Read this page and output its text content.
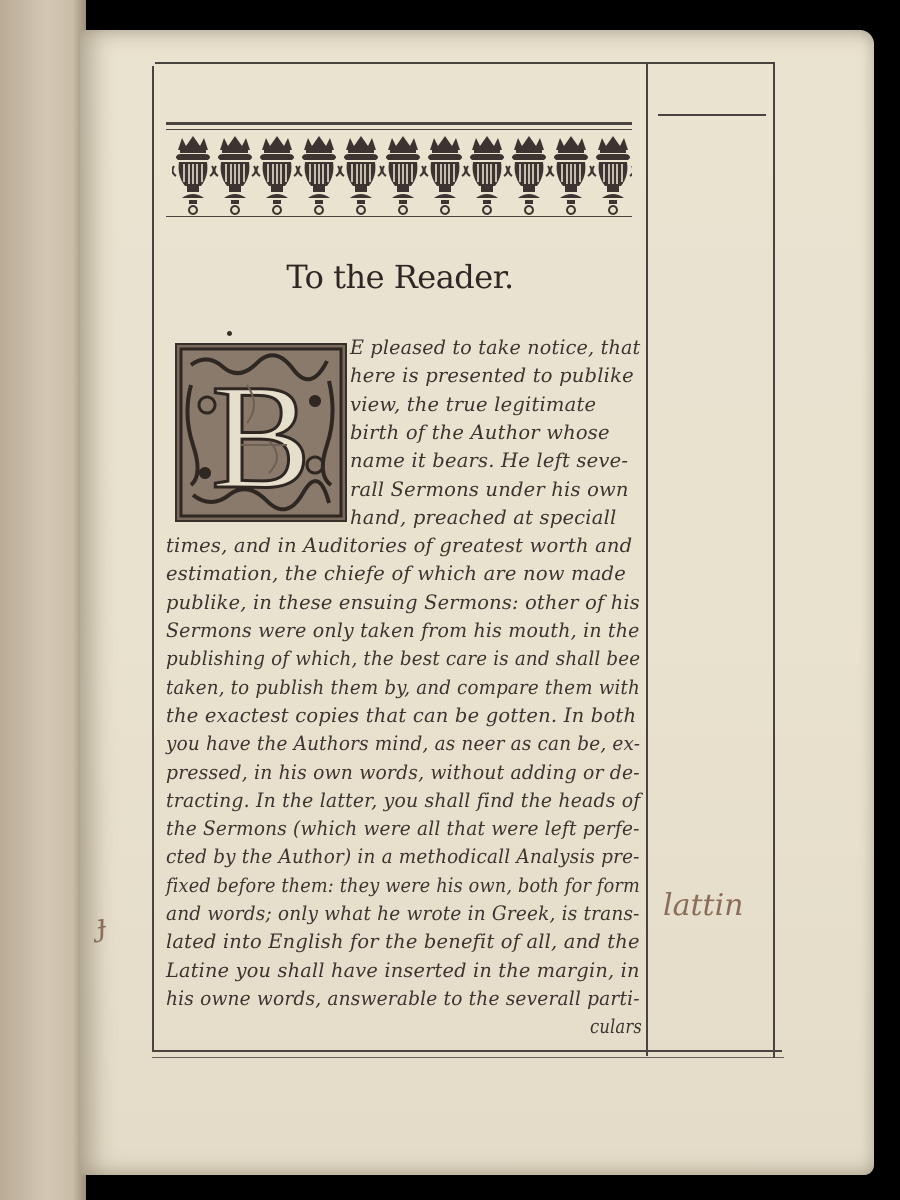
To the Reader.
B
E pleased to take notice, that
here is presented to publike
view, the true legitimate
birth of the Author whose
name it bears. He left seve-
rall Sermons under his own
hand, preached at speciall
times, and in Auditories of greatest worth and
estimation, the chiefe of which are now made
publike, in these ensuing Sermons: other of his
Sermons were only taken from his mouth, in the
publishing of which, the best care is and shall bee
taken, to publish them by, and compare them with
the exactest copies that can be gotten. In both
you have the Authors mind, as neer as can be, ex-
pressed, in his own words, without adding or de-
tracting. In the latter, you shall find the heads of
the Sermons (which were all that were left perfe-
cted by the Author) in a methodicall Analysis pre-
fixed before them: they were his own, both for form
and words; only what he wrote in Greek, is trans-
lated into English for the benefit of all, and the
Latine you shall have inserted in the margin, in
his owne words, answerable to the severall parti-
culars
lattin
ɟ
